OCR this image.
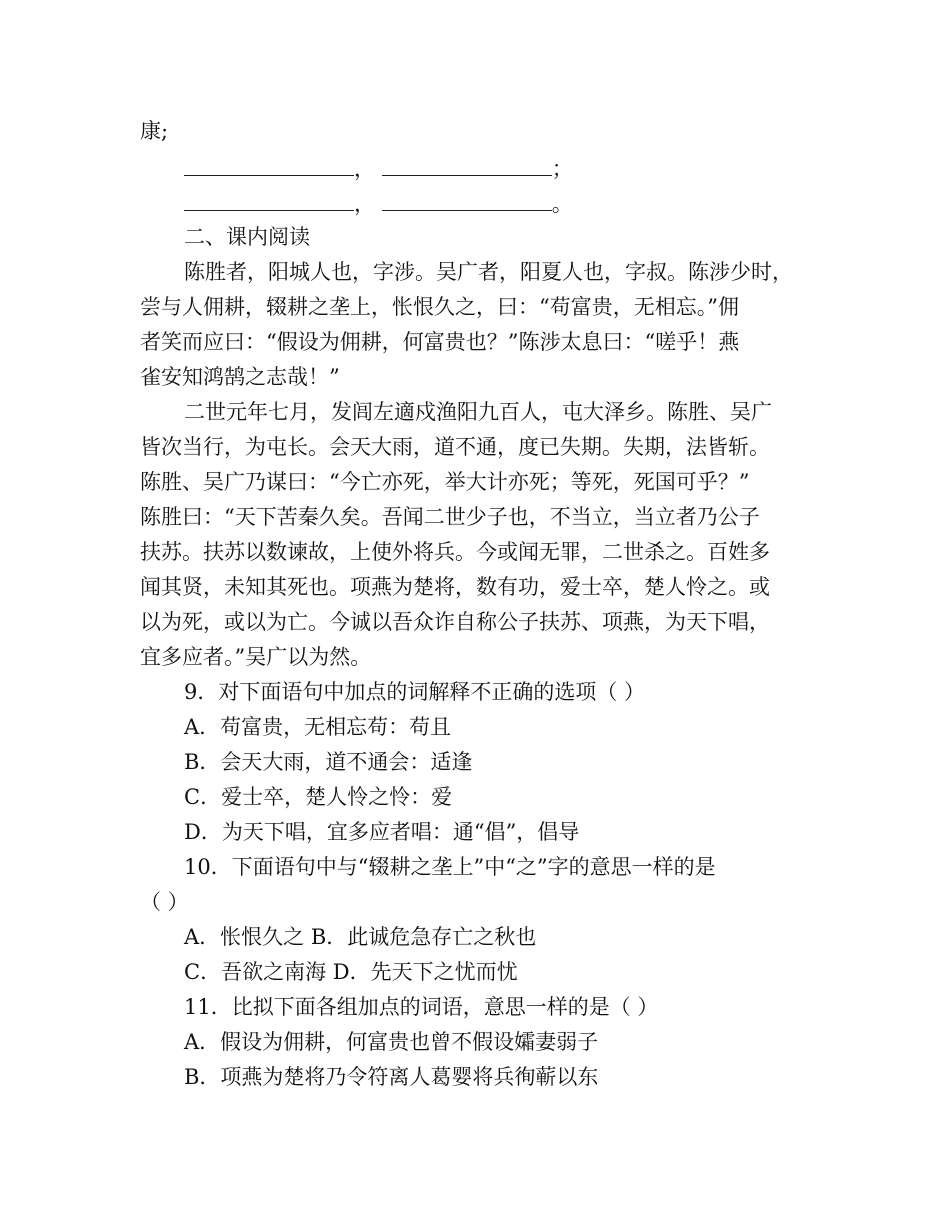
康;
，	；
，	。
二、课内阅读
陈胜者，阳城人也，字涉。吴广者，阳夏人也，字叔。陈涉少时，
尝与人佣耕，辍耕之垄上，怅恨久之，曰：“苟富贵，无相忘。”佣
者笑而应曰：“假设为佣耕，何富贵也？”陈涉太息曰：“嗟乎！燕
雀安知鸿鹄之志哉！”
二世元年七月，发闾左適戍渔阳九百人，屯大泽乡。陈胜、吴广
皆次当行，为屯长。会天大雨，道不通，度已失期。失期，法皆斩。
陈胜、吴广乃谋曰：“今亡亦死，举大计亦死；等死，死国可乎？”
陈胜曰：“天下苦秦久矣。吾闻二世少子也，不当立，当立者乃公子
扶苏。扶苏以数谏故，上使外将兵。今或闻无罪，二世杀之。百姓多
闻其贤，未知其死也。项燕为楚将，数有功，爱士卒，楚人怜之。或
以为死，或以为亡。今诚以吾众诈自称公子扶苏、项燕，为天下唱，
宜多应者。”吴广以为然。
9．对下面语句中加点的词解释不正确的选项（ ）
A．苟富贵，无相忘苟：苟且
B．会天大雨，道不通会：适逢
C．爱士卒，楚人怜之怜：爱
D．为天下唱，宜多应者唱：通“倡”，倡导
10．下面语句中与“辍耕之垄上”中“之”字的意思一样的是
（ ）
A．怅恨久之 B．此诚危急存亡之秋也
C．吾欲之南海 D．先天下之忧而忧
11．比拟下面各组加点的词语，意思一样的是（ ）
A．假设为佣耕，何富贵也曾不假设孀妻弱子
B．项燕为楚将乃令符离人葛婴将兵徇蕲以东
